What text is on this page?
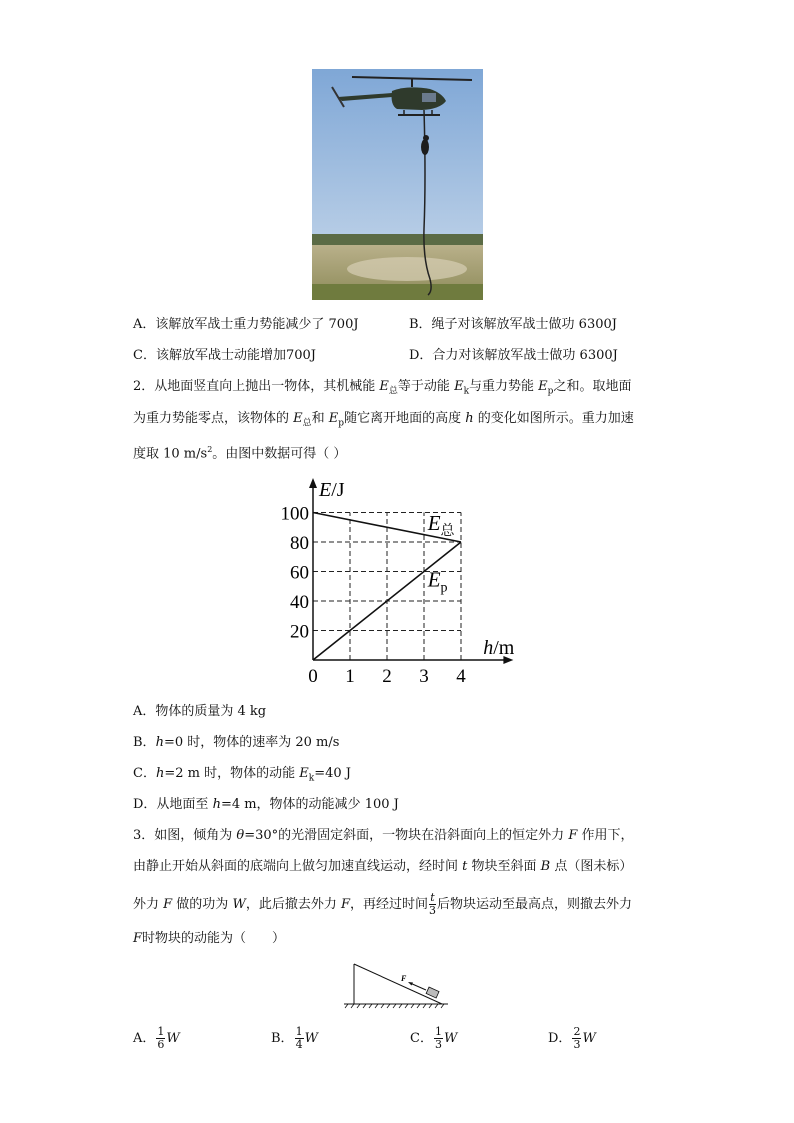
A．该解放军战士重力势能减少了 700J	B．绳子对该解放军战士做功 6300J
C．该解放军战士动能增加700J	D．合力对该解放军战士做功 6300J
2．从地面竖直向上抛出一物体，其机械能 $E_总$等于动能 $E_k$与重力势能 $E_p$之和。取地面
为重力势能零点，该物体的 $E_总$和 $E_p$随它离开地面的高度 h 的变化如图所示。重力加速
度取 10 $m/s^2$。由图中数据可得（ ）
0 1 2 3 4
20
40
60
80
100
E/J
h/m
$E_总$
$E_p$
A．物体的质量为 4 kg
B．h=0 时，物体的速率为 20 m/s
C．h=2 m 时，物体的动能 $E_k=40$ J
D．从地面至 h=4 m，物体的动能减少 100 J
3．如图，倾角为 θ=30°的光滑固定斜面，一物块在沿斜面向上的恒定外力 F 作用下，
由静止开始从斜面的底端向上做匀加速直线运动，经时间 t 物块至斜面 B 点（图未标）
外力 F 做的功为 W，此后撤去外力 F，再经过时间 $\frac{t}{3}$ 后物块运动至最高点，则撤去外力
F时物块的动能为（　　）
F
A． $\frac{1}{6}$ W	B． $\frac{1}{4}$ W	C． $\frac{1}{3}$ W	D． $\frac{2}{3}$ W
